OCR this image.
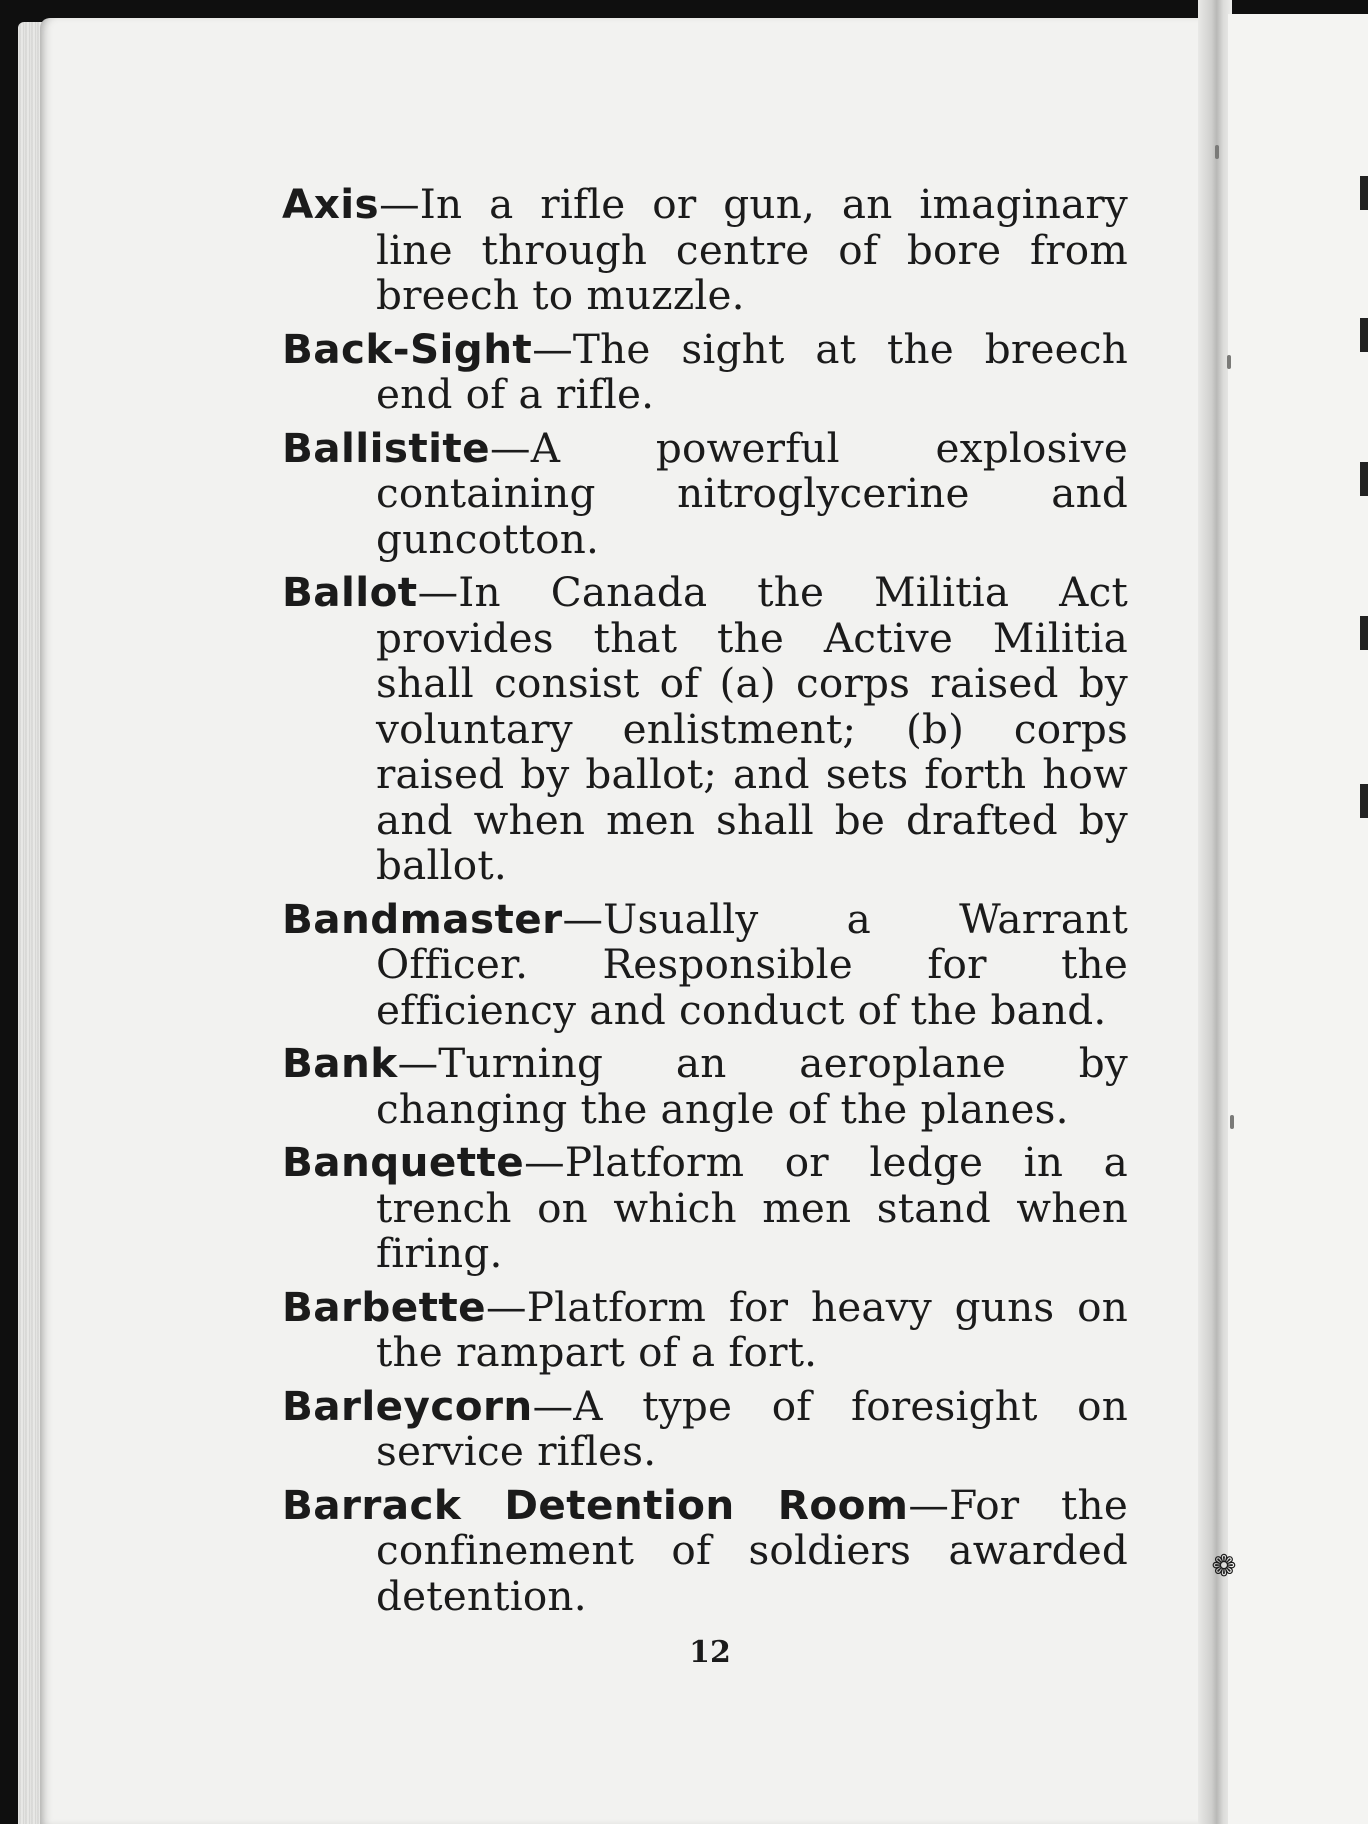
Axis—In a rifle or gun, an imaginary line through centre of bore from breech to muzzle.

Back-Sight—The sight at the breech end of a rifle.

Ballistite—A powerful explosive containing nitroglycerine and guncotton.

Ballot—In Canada the Militia Act provides that the Active Militia shall consist of (a) corps raised by voluntary enlistment; (b) corps raised by ballot; and sets forth how and when men shall be drafted by ballot.

Bandmaster—Usually a Warrant Officer. Responsible for the efficiency and conduct of the band.

Bank—Turning an aeroplane by changing the angle of the planes.

Banquette—Platform or ledge in a trench on which men stand when firing.

Barbette—Platform for heavy guns on the rampart of a fort.

Barleycorn—A type of foresight on service rifles.

Barrack Detention Room—For the confinement of soldiers awarded detention.

12
❁
